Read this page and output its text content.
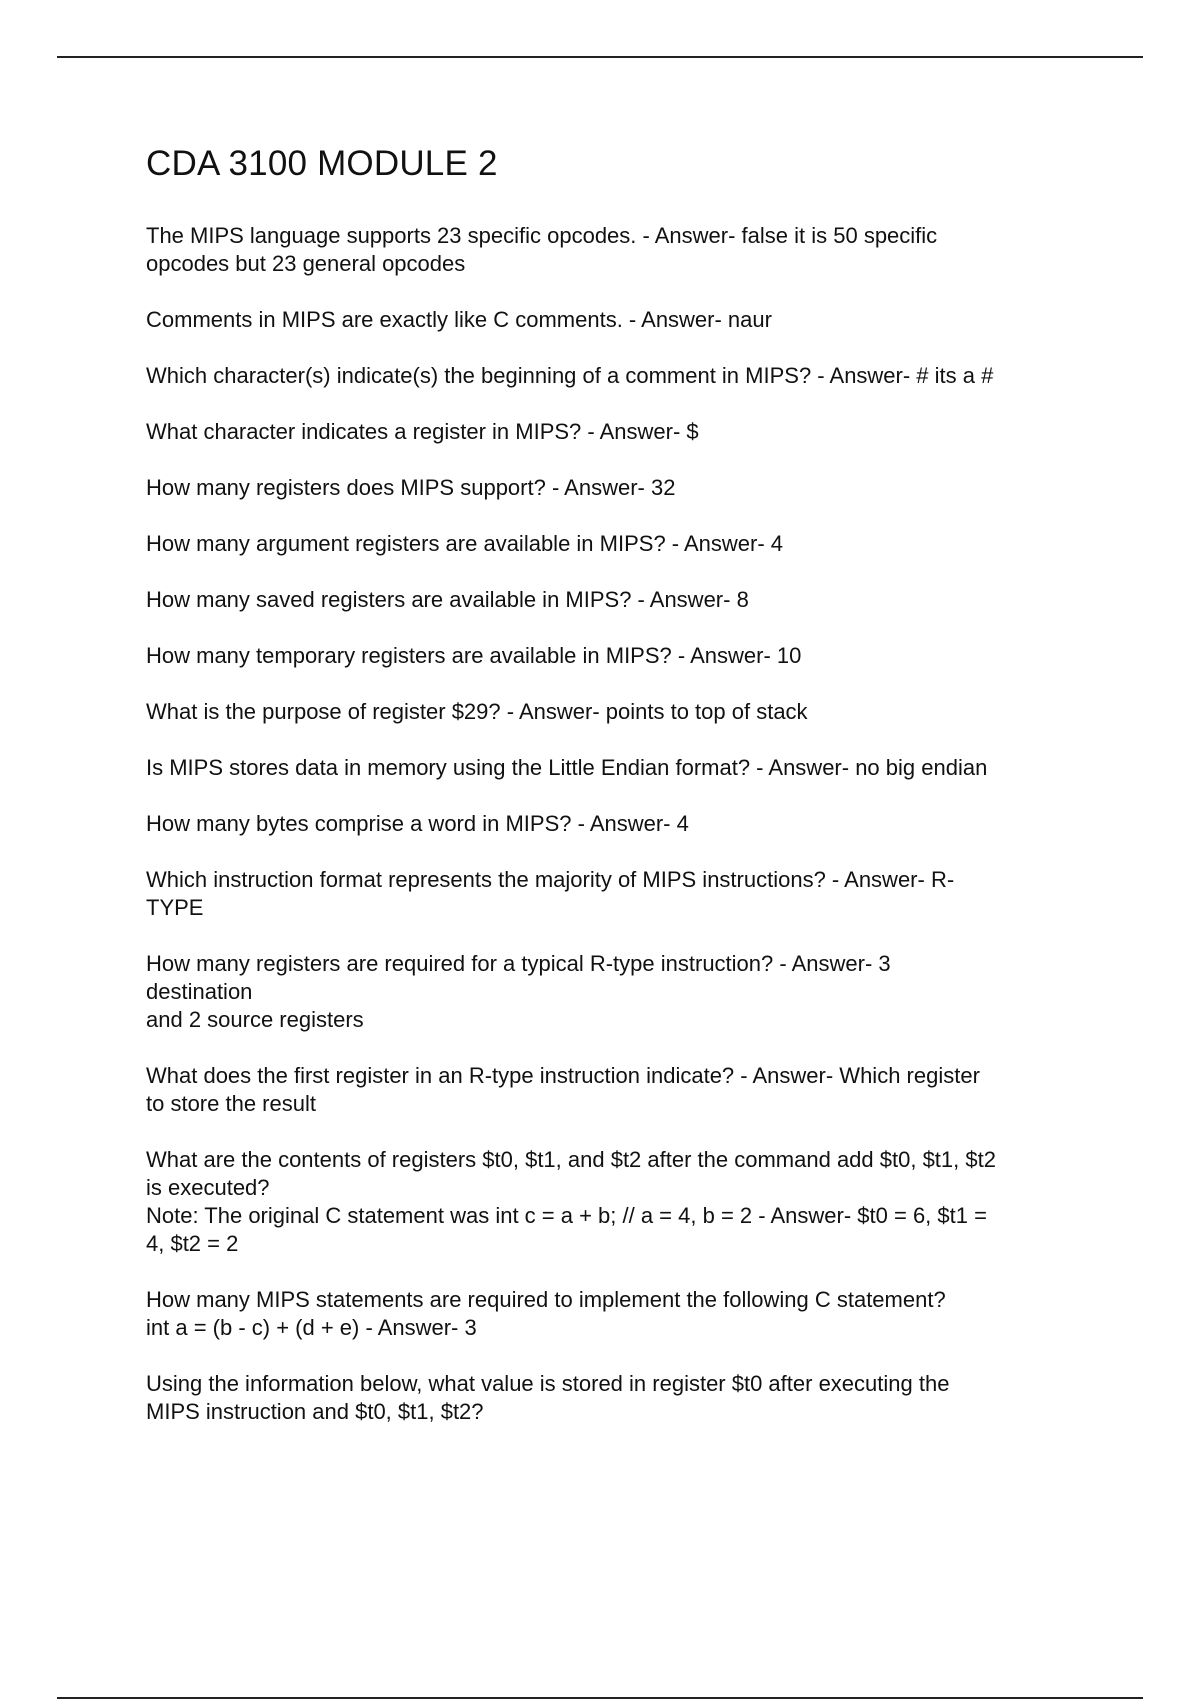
CDA 3100 MODULE 2
The MIPS language supports 23 specific opcodes. - Answer- false it is 50 specific
opcodes but 23 general opcodes
Comments in MIPS are exactly like C comments. - Answer- naur
Which character(s) indicate(s) the beginning of a comment in MIPS? - Answer- # its a #
What character indicates a register in MIPS? - Answer- $
How many registers does MIPS support? - Answer- 32
How many argument registers are available in MIPS? - Answer- 4
How many saved registers are available in MIPS? - Answer- 8
How many temporary registers are available in MIPS? - Answer- 10
What is the purpose of register $29? - Answer- points to top of stack
Is MIPS stores data in memory using the Little Endian format? - Answer- no big endian
How many bytes comprise a word in MIPS? - Answer- 4
Which instruction format represents the majority of MIPS instructions? - Answer- R-
TYPE
How many registers are required for a typical R-type instruction? - Answer- 3
destination
and 2 source registers
What does the first register in an R-type instruction indicate? - Answer- Which register
to store the result
What are the contents of registers $t0, $t1, and $t2 after the command add $t0, $t1, $t2
is executed?
Note: The original C statement was int c = a + b; // a = 4, b = 2 - Answer- $t0 = 6, $t1 =
4, $t2 = 2
How many MIPS statements are required to implement the following C statement?
int a = (b - c) + (d + e) - Answer- 3
Using the information below, what value is stored in register $t0 after executing the
MIPS instruction and $t0, $t1, $t2?
